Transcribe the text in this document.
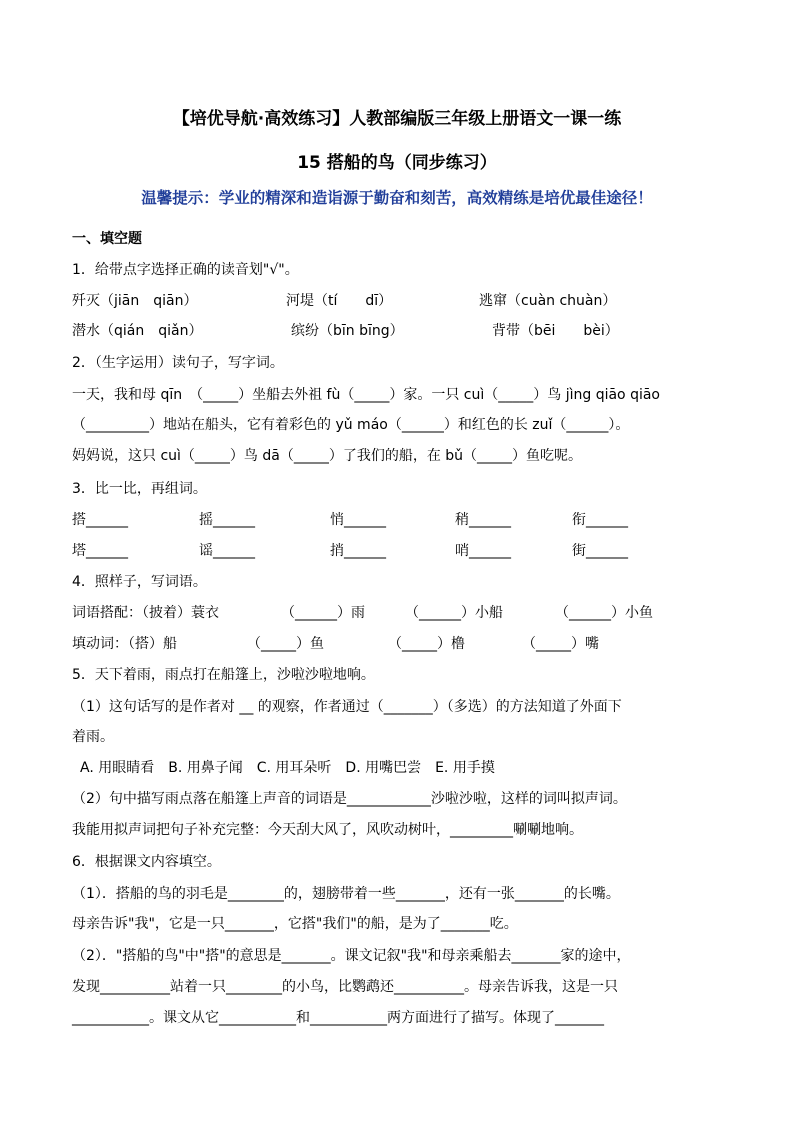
【培优导航·高效练习】人教部编版三年级上册语文一课一练
15 搭船的鸟（同步练习）
温馨提示：学业的精深和造诣源于勤奋和刻苦，高效精练是培优最佳途径！
一、填空题
1．给带点字选择正确的读音划"√"。
歼灭（jiān　qiān）	河堤（tí　　dī）	逃窜（cuàn chuàn）
潜水（qián　qiǎn）	缤纷（bīn bīng）	背带（bēi　　bèi）
2．（生字运用）读句子，写字词。
一天，我和母 qīn　（_____）坐船去外祖 fù（_____）家。一只 cuì（_____）鸟 jìng qiāo qiāo
（_________）地站在船头，它有着彩色的 yǔ máo（______）和红色的长 zuǐ（______）。
妈妈说，这只 cuì（_____）鸟 dā（_____）了我们的船，在 bǔ（_____）鱼吃呢。
3．比一比，再组词。
搭______	摇______	悄______	稍______	衔______
塔______	谣______	捎______	哨______	街______
4．照样子，写词语。
词语搭配：（披着）蓑衣	（______）雨	（______）小船	（______）小鱼
填动词：（搭）船	（_____）鱼	（_____）橹	（_____）嘴
5．天下着雨，雨点打在船篷上，沙啦沙啦地响。
（1）这句话写的是作者对 __ 的观察，作者通过（_______）（多选）的方法知道了外面下
着雨。
A. 用眼睛看　B. 用鼻子闻　C. 用耳朵听　D. 用嘴巴尝　E. 用手摸
（2）句中描写雨点落在船篷上声音的词语是____________沙啦沙啦，这样的词叫拟声词。
我能用拟声词把句子补充完整：今天刮大风了，风吹动树叶，_________唰唰地响。
6．根据课文内容填空。
（1）．搭船的鸟的羽毛是________的，翅膀带着一些_______，还有一张_______的长嘴。
母亲告诉"我"，它是一只_______，它搭"我们"的船，是为了_______吃。
（2）．"搭船的鸟"中"搭"的意思是_______。课文记叙"我"和母亲乘船去_______家的途中，
发现__________站着一只________的小鸟，比鹦鹉还__________。母亲告诉我，这是一只
___________。课文从它___________和___________两方面进行了描写。体现了_______
